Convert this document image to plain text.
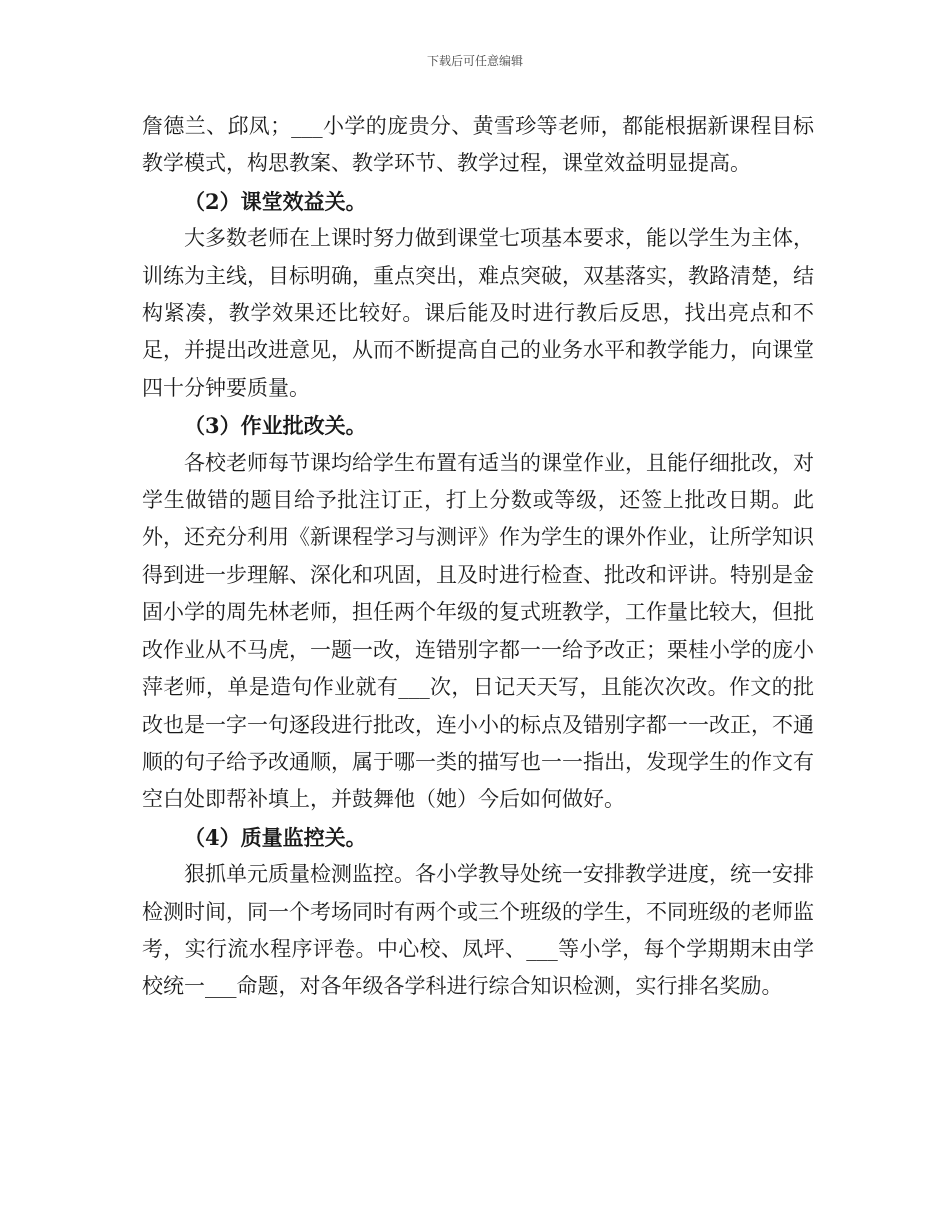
下载后可任意编辑

詹德兰、邱凤；___小学的庞贵分、黄雪珍等老师，都能根据新课程目标教学模式，构思教案、教学环节、教学过程，课堂效益明显提高。

（2）课堂效益关。

大多数老师在上课时努力做到课堂七项基本要求，能以学生为主体，训练为主线，目标明确，重点突出，难点突破，双基落实，教路清楚，结构紧凑，教学效果还比较好。课后能及时进行教后反思，找出亮点和不足，并提出改进意见，从而不断提高自己的业务水平和教学能力，向课堂四十分钟要质量。

（3）作业批改关。

各校老师每节课均给学生布置有适当的课堂作业，且能仔细批改，对学生做错的题目给予批注订正，打上分数或等级，还签上批改日期。此外，还充分利用《新课程学习与测评》作为学生的课外作业，让所学知识得到进一步理解、深化和巩固，且及时进行检查、批改和评讲。特别是金固小学的周先林老师，担任两个年级的复式班教学，工作量比较大，但批改作业从不马虎，一题一改，连错别字都一一给予改正；栗桂小学的庞小萍老师，单是造句作业就有___次，日记天天写，且能次次改。作文的批改也是一字一句逐段进行批改，连小小的标点及错别字都一一改正，不通顺的句子给予改通顺，属于哪一类的描写也一一指出，发现学生的作文有空白处即帮补填上，并鼓舞他（她）今后如何做好。

（4）质量监控关。

狠抓单元质量检测监控。各小学教导处统一安排教学进度，统一安排检测时间，同一个考场同时有两个或三个班级的学生，不同班级的老师监考，实行流水程序评卷。中心校、凤坪、___等小学，每个学期期末由学校统一___命题，对各年级各学科进行综合知识检测，实行排名奖励。
